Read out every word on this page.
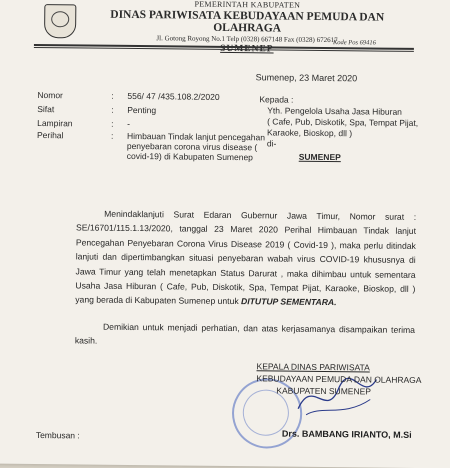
PEMERINTAH KABUPATEN
DINAS PARIWISATA KEBUDAYAAN PEMUDA DAN OLAHRAGA
Jl. Gotong Royong No.1 Telp (0328) 667148 Fax (0328) 672617
Kode Pos 69416
Sumenep, 23 Maret 2020
Nomor	: 556/ 47 /435.108.2/2020
Sifat	: Penting
Lampiran	: -
Perihal	: Himbauan Tindak lanjut pencegahan penyebaran corona virus disease ( covid-19) di Kabupaten Sumenep
Kepada :
Yth. Pengelola Usaha Jasa Hiburan
( Cafe, Pub, Diskotik, Spa, Tempat Pijat, Karaoke, Bioskop, dll )
di-
SUMENEP

Menindaklanjuti Surat Edaran Gubernur Jawa Timur, Nomor surat : SE/16701/115.1.13/2020, tanggal 23 Maret 2020 Perihal Himbauan Tindak lanjut Pencegahan Penyebaran Corona Virus Disease 2019 ( Covid-19 ), maka perlu ditindak lanjuti dan dipertimbangkan situasi penyebaran wabah virus COVID-19 khususnya di Jawa Timur yang telah menetapkan Status Darurat , maka dihimbau untuk sementara Usaha Jasa Hiburan ( Cafe, Pub, Diskotik, Spa, Tempat Pijat, Karaoke, Bioskop, dll ) yang berada di Kabupaten Sumenep untuk DITUTUP SEMENTARA.

Demikian untuk menjadi perhatian, dan atas kerjasamanya disampaikan terima kasih.

KEPALA DINAS PARIWISATA
KEBUDAYAAN PEMUDA DAN OLAHRAGA
KABUPATEN SUMENEP
Drs. BAMBANG IRIANTO, M.Si
Tembusan :
